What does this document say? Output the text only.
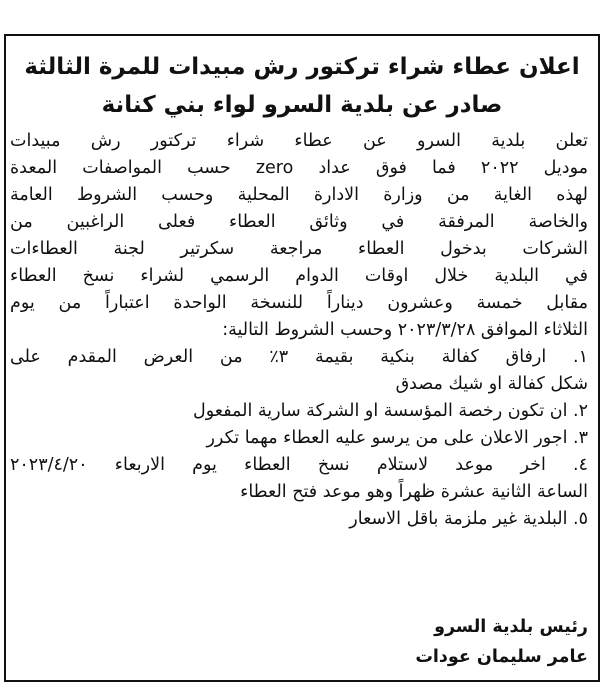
اعلان عطاء شراء تركتور رش مبيدات للمرة الثالثة
صادر عن بلدية السرو لواء بني كنانة
تعلن بلدية السرو عن عطاء شراء تركتور رش مبيدات
موديل ٢٠٢٢ فما فوق عداد zero حسب المواصفات المعدة
لهذه الغاية من وزارة الادارة المحلية وحسب الشروط العامة
والخاصة المرفقة في وثائق العطاء فعلى الراغبين من
الشركات بدخول العطاء مراجعة سكرتير لجنة العطاءات
في البلدية خلال اوقات الدوام الرسمي لشراء نسخ العطاء
مقابل خمسة وعشرون ديناراً للنسخة الواحدة اعتباراً من يوم
الثلاثاء الموافق ٢٠٢٣/٣/٢٨ وحسب الشروط التالية:
١. ارفاق كفالة بنكية بقيمة ٣٪ من العرض المقدم على
شكل كفالة او شيك مصدق
٢. ان تكون رخصة المؤسسة او الشركة سارية المفعول
٣. اجور الاعلان على من يرسو عليه العطاء مهما تكرر
٤. اخر موعد لاستلام نسخ العطاء يوم الاربعاء ٢٠٢٣/٤/٢٠
الساعة الثانية عشرة ظهراً وهو موعد فتح العطاء
٥. البلدية غير ملزمة باقل الاسعار
رئيس بلدية السرو
عامر سليمان عودات
